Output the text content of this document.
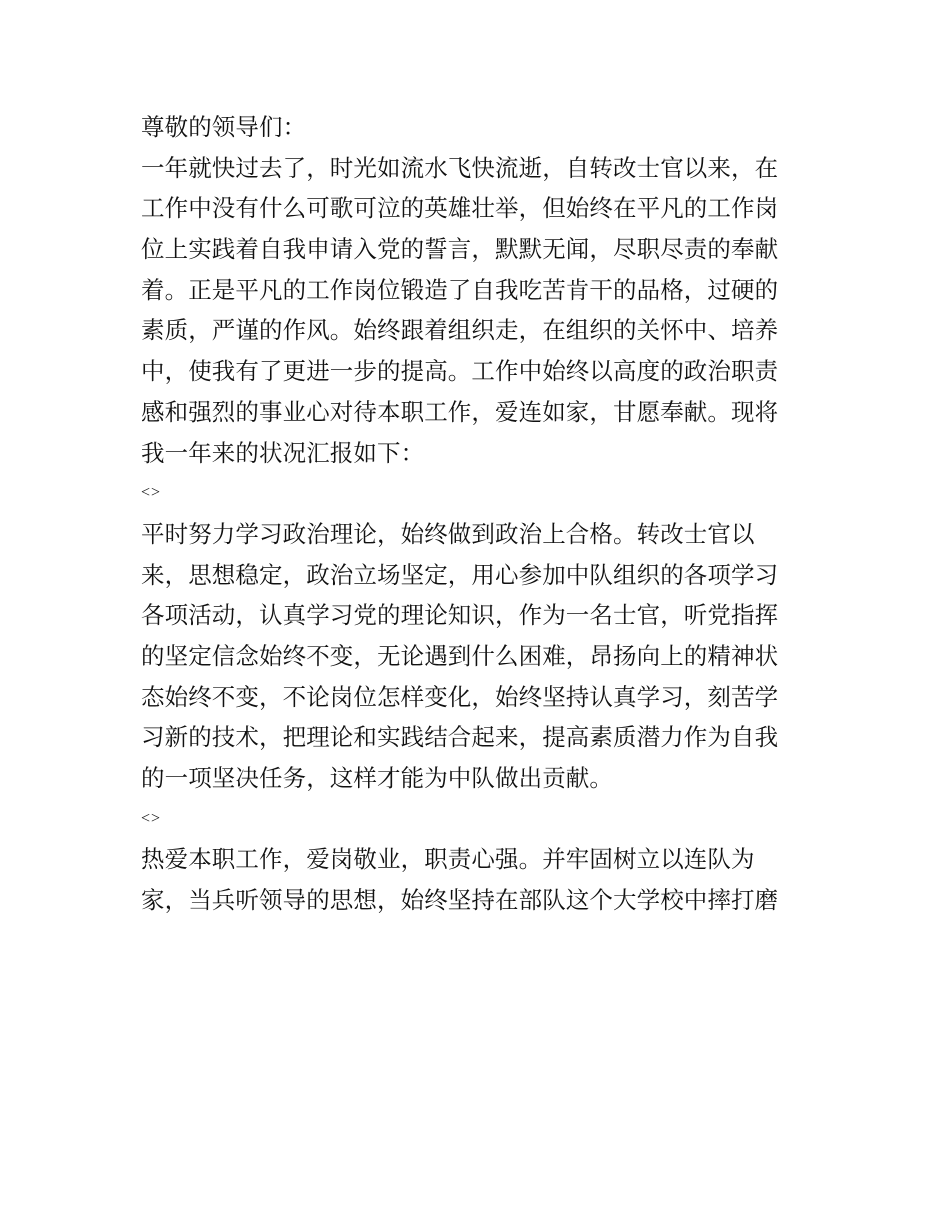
尊敬的领导们：
一年就快过去了，时光如流水飞快流逝，自转改士官以来，在
工作中没有什么可歌可泣的英雄壮举，但始终在平凡的工作岗
位上实践着自我申请入党的誓言，默默无闻，尽职尽责的奉献
着。正是平凡的工作岗位锻造了自我吃苦肯干的品格，过硬的
素质，严谨的作风。始终跟着组织走，在组织的关怀中、培养
中，使我有了更进一步的提高。工作中始终以高度的政治职责
感和强烈的事业心对待本职工作，爱连如家，甘愿奉献。现将
我一年来的状况汇报如下：
<>
平时努力学习政治理论，始终做到政治上合格。转改士官以
来，思想稳定，政治立场坚定，用心参加中队组织的各项学习
各项活动，认真学习党的理论知识，作为一名士官，听党指挥
的坚定信念始终不变，无论遇到什么困难，昂扬向上的精神状
态始终不变，不论岗位怎样变化，始终坚持认真学习，刻苦学
习新的技术，把理论和实践结合起来，提高素质潜力作为自我
的一项坚决任务，这样才能为中队做出贡献。
<>
热爱本职工作，爱岗敬业，职责心强。并牢固树立以连队为
家，当兵听领导的思想，始终坚持在部队这个大学校中摔打磨
